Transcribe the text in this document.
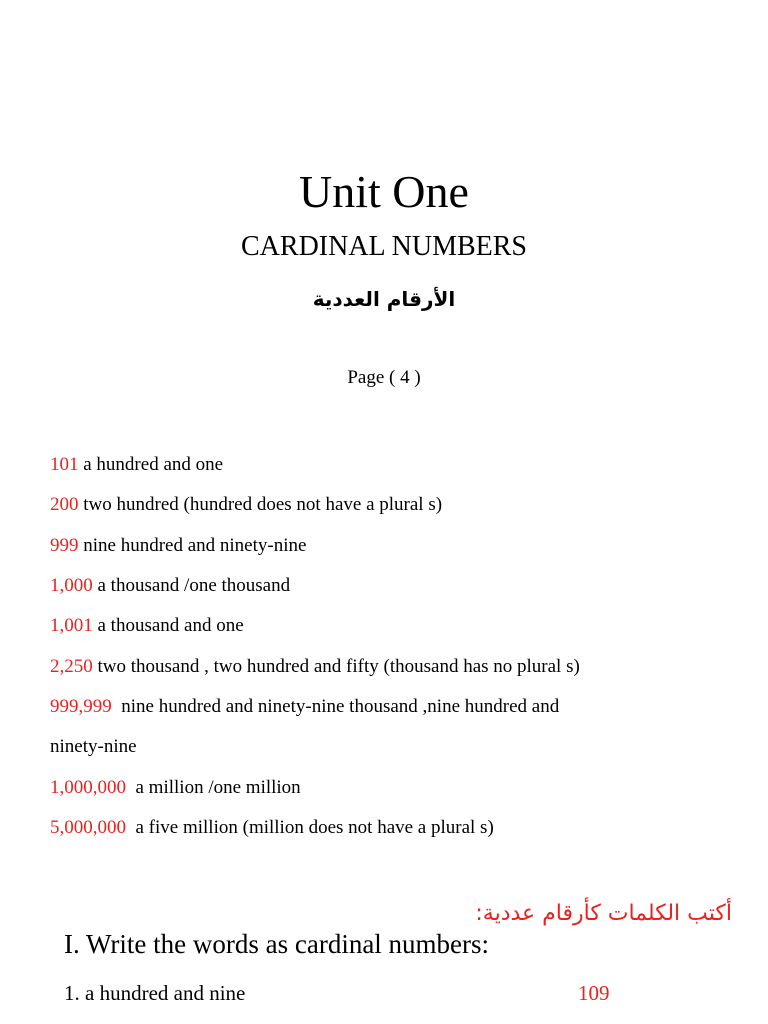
Unit One
CARDINAL NUMBERS
الأرقام العددية
Page ( 4 )

101 a hundred and one

200 two hundred (hundred does not have a plural s)

999 nine hundred and ninety-nine

1,000 a thousand /one thousand

1,001 a thousand and one

2,250 two thousand , two hundred and fifty (thousand has no plural s)

999,999  nine hundred and ninety-nine thousand ,nine hundred and

ninety-nine

1,000,000  a million /one million

5,000,000  a five million (million does not have a plural s)

أكتب الكلمات كأرقام عددية:
I. Write the words as cardinal numbers:
1. a hundred and nine	109
